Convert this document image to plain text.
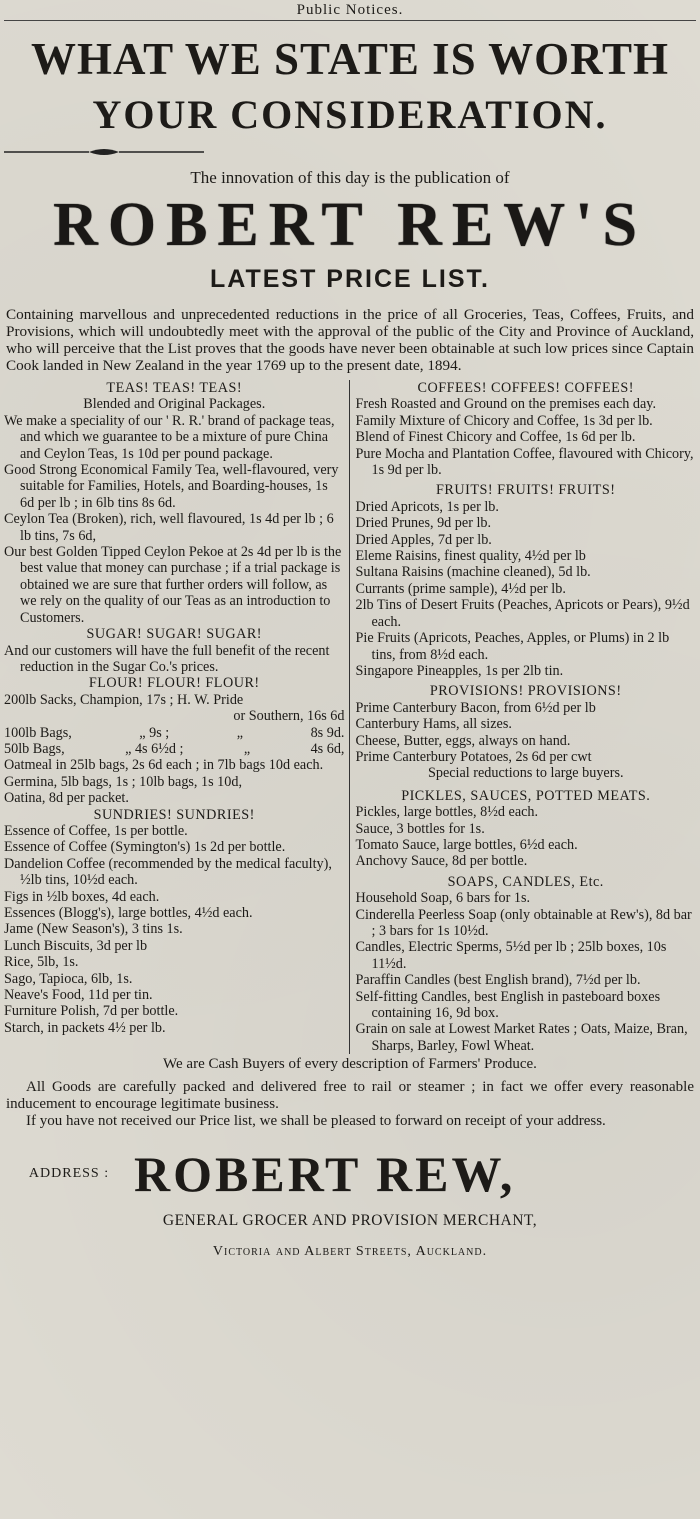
Public Notices.
WHAT WE STATE IS WORTH
YOUR CONSIDERATION.
The innovation of this day is the publication of
ROBERT REW'S
LATEST PRICE LIST.
Containing marvellous and unprecedented reductions in the price of all Groceries, Teas, Coffees, Fruits, and Provisions, which will undoubtedly meet with the approval of the public of the City and Province of Auckland, who will perceive that the List proves that the goods have never been obtainable at such low prices since Captain Cook landed in New Zealand in the year 1769 up to the present date, 1894.
TEAS! TEAS! TEAS!
Blended and Original Packages.
We make a speciality of our ' R. R.' brand of package teas, and which we guarantee to be a mixture of pure China and Ceylon Teas, 1s 10d per pound package.
Good Strong Economical Family Tea, well-flavoured, very suitable for Families, Hotels, and Boarding-houses, 1s 6d per lb ; in 6lb tins 8s 6d.
Ceylon Tea (Broken), rich, well flavoured, 1s 4d per lb ; 6 lb tins, 7s 6d,
Our best Golden Tipped Ceylon Pekoe at 2s 4d per lb is the best value that money can purchase ; if a trial package is obtained we are sure that further orders will follow, as we rely on the quality of our Teas as an introduction to Customers.
SUGAR! SUGAR! SUGAR!
And our customers will have the full benefit of the recent reduction in the Sugar Co.'s prices.
FLOUR! FLOUR! FLOUR!
200lb Sacks, Champion, 17s ; H. W. Pride
or Southern, 16s 6d
100lb Bags,	„ 9s ;	„	8s 9d.
50lb Bags,	„ 4s 6½d ;	„	4s 6d,
Oatmeal in 25lb bags, 2s 6d each ; in 7lb bags 10d each.
Germina, 5lb bags, 1s ; 10lb bags, 1s 10d,
Oatina, 8d per packet.
SUNDRIES! SUNDRIES!
Essence of Coffee, 1s per bottle.
Essence of Coffee (Symington's) 1s 2d per bottle.
Dandelion Coffee (recommended by the medical faculty), ½lb tins, 10½d each.
Figs in ½lb boxes, 4d each.
Essences (Blogg's), large bottles, 4½d each.
Jame (New Season's), 3 tins 1s.
Lunch Biscuits, 3d per lb
Rice, 5lb, 1s.
Sago, Tapioca, 6lb, 1s.
Neave's Food, 11d per tin.
Furniture Polish, 7d per bottle.
Starch, in packets 4½ per lb.
COFFEES! COFFEES! COFFEES!
Fresh Roasted and Ground on the premises each day.
Family Mixture of Chicory and Coffee, 1s 3d per lb.
Blend of Finest Chicory and Coffee, 1s 6d per lb.
Pure Mocha and Plantation Coffee, flavoured with Chicory, 1s 9d per lb.
FRUITS! FRUITS! FRUITS!
Dried Apricots, 1s per lb.
Dried Prunes, 9d per lb.
Dried Apples, 7d per lb.
Eleme Raisins, finest quality, 4½d per lb
Sultana Raisins (machine cleaned), 5d lb.
Currants (prime sample), 4½d per lb.
2lb Tins of Desert Fruits (Peaches, Apricots or Pears), 9½d each.
Pie Fruits (Apricots, Peaches, Apples, or Plums) in 2 lb tins, from 8½d each.
Singapore Pineapples, 1s per 2lb tin.
PROVISIONS! PROVISIONS!
Prime Canterbury Bacon, from 6½d per lb
Canterbury Hams, all sizes.
Cheese, Butter, eggs, always on hand.
Prime Canterbury Potatoes, 2s 6d per cwt
Special reductions to large buyers.
PICKLES, SAUCES, POTTED MEATS.
Pickles, large bottles, 8½d each.
Sauce, 3 bottles for 1s.
Tomato Sauce, large bottles, 6½d each.
Anchovy Sauce, 8d per bottle.
SOAPS, CANDLES, Etc.
Household Soap, 6 bars for 1s.
Cinderella Peerless Soap (only obtainable at Rew's), 8d bar ; 3 bars for 1s 10½d.
Candles, Electric Sperms, 5½d per lb ; 25lb boxes, 10s 11½d.
Paraffin Candles (best English brand), 7½d per lb.
Self-fitting Candles, best English in pasteboard boxes containing 16, 9d box.
Grain on sale at Lowest Market Rates ; Oats, Maize, Bran, Sharps, Barley, Fowl Wheat.
We are Cash Buyers of every description of Farmers' Produce.
All Goods are carefully packed and delivered free to rail or steamer ; in fact we offer every reasonable inducement to encourage legitimate business.
If you have not received our Price list, we shall be pleased to forward on receipt of your address.
ADDRESS : ROBERT REW,
GENERAL GROCER AND PROVISION MERCHANT,
Victoria and Albert Streets, Auckland.
